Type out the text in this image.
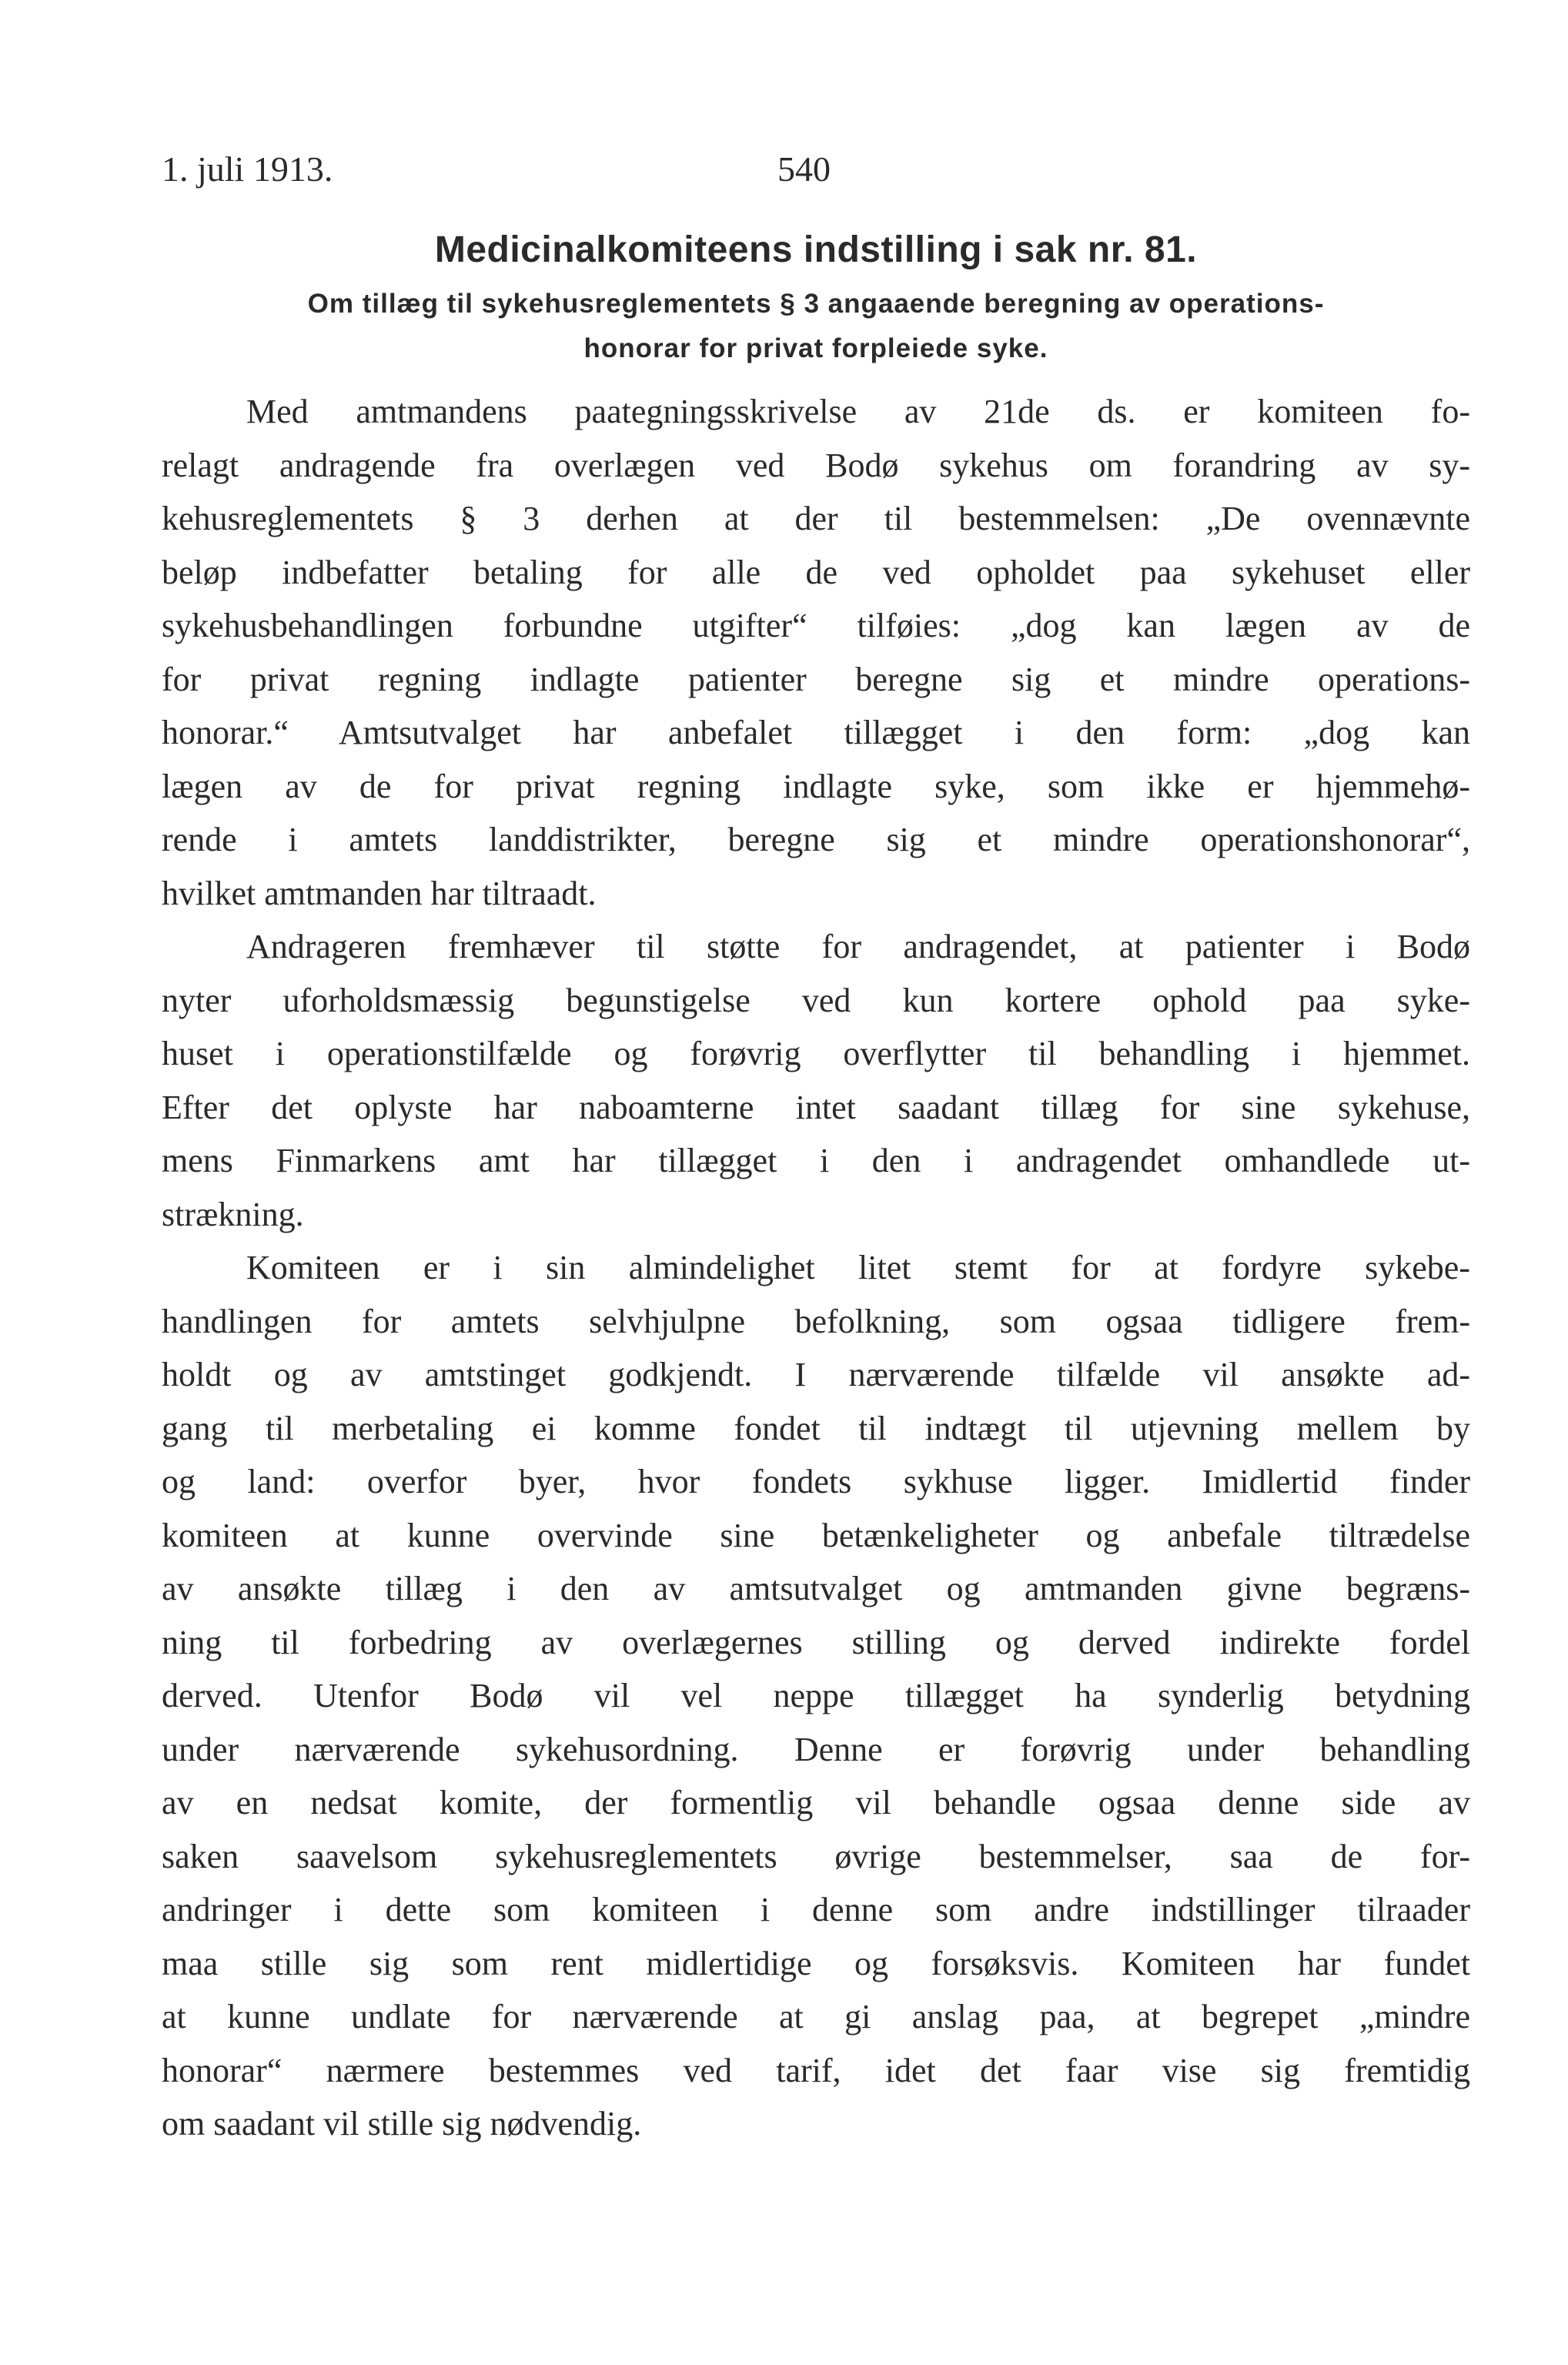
1. juli 1913.	540
Medicinalkomiteens indstilling i sak nr. 81.
Om tillæg til sykehusreglementets § 3 angaaende beregning av operations-
honorar for privat forpleiede syke.
Med amtmandens paategningsskrivelse av 21de ds. er komiteen fo-
relagt andragende fra overlægen ved Bodø sykehus om forandring av sy-
kehusreglementets § 3 derhen at der til bestemmelsen: „De ovennævnte
beløp indbefatter betaling for alle de ved opholdet paa sykehuset eller
sykehusbehandlingen forbundne utgifter“ tilføies: „dog kan lægen av de
for privat regning indlagte patienter beregne sig et mindre operations-
honorar.“ Amtsutvalget har anbefalet tillægget i den form: „dog kan
lægen av de for privat regning indlagte syke, som ikke er hjemmehø-
rende i amtets landdistrikter, beregne sig et mindre operationshonorar“,
hvilket amtmanden har tiltraadt.
Andrageren fremhæver til støtte for andragendet, at patienter i Bodø
nyter uforholdsmæssig begunstigelse ved kun kortere ophold paa syke-
huset i operationstilfælde og forøvrig overflytter til behandling i hjemmet.
Efter det oplyste har naboamterne intet saadant tillæg for sine sykehuse,
mens Finmarkens amt har tillægget i den i andragendet omhandlede ut-
strækning.
Komiteen er i sin almindelighet litet stemt for at fordyre sykebe-
handlingen for amtets selvhjulpne befolkning, som ogsaa tidligere frem-
holdt og av amtstinget godkjendt. I nærværende tilfælde vil ansøkte ad-
gang til merbetaling ei komme fondet til indtægt til utjevning mellem by
og land: overfor byer, hvor fondets sykhuse ligger. Imidlertid finder
komiteen at kunne overvinde sine betænkeligheter og anbefale tiltrædelse
av ansøkte tillæg i den av amtsutvalget og amtmanden givne begræns-
ning til forbedring av overlægernes stilling og derved indirekte fordel
derved. Utenfor Bodø vil vel neppe tillægget ha synderlig betydning
under nærværende sykehusordning. Denne er forøvrig under behandling
av en nedsat komite, der formentlig vil behandle ogsaa denne side av
saken saavelsom sykehusreglementets øvrige bestemmelser, saa de for-
andringer i dette som komiteen i denne som andre indstillinger tilraader
maa stille sig som rent midlertidige og forsøksvis. Komiteen har fundet
at kunne undlate for nærværende at gi anslag paa, at begrepet „mindre
honorar“ nærmere bestemmes ved tarif, idet det faar vise sig fremtidig
om saadant vil stille sig nødvendig.
